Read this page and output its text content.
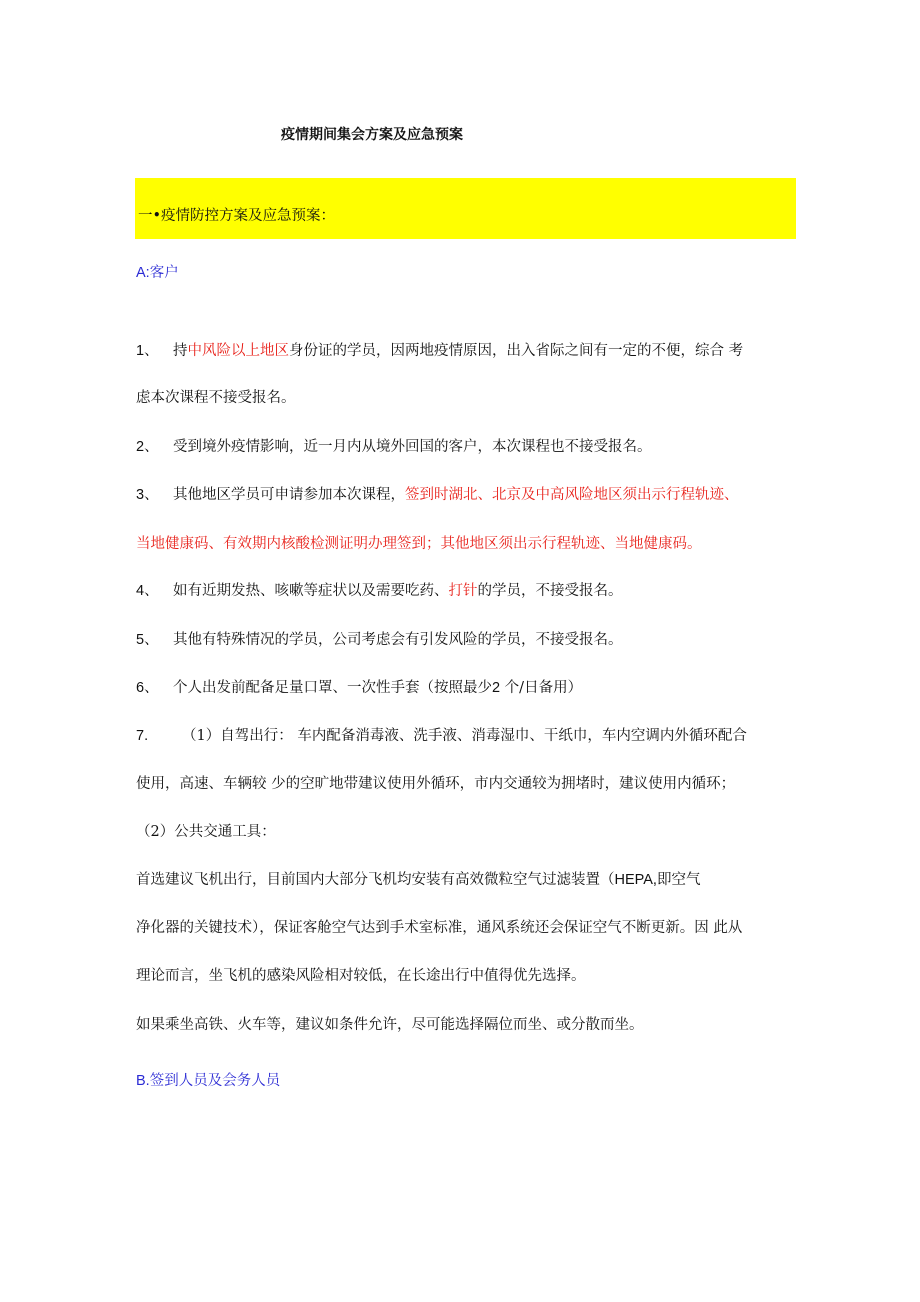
疫情期间集会方案及应急预案
一•疫情防控方案及应急预案：
A:客户
1、 持中风险以上地区身份证的学员，因两地疫情原因，出入省际之间有一定的不便，综合 考
虑本次课程不接受报名。
2、 受到境外疫情影响，近一月内从境外回国的客户，本次课程也不接受报名。
3、 其他地区学员可申请参加本次课程，签到时湖北、北京及中高风险地区须出示行程轨迹、
当地健康码、有效期内核酸检测证明办理签到；其他地区须出示行程轨迹、当地健康码。
4、 如有近期发热、咳嗽等症状以及需要吃药、打针的学员，不接受报名。
5、 其他有特殊情况的学员，公司考虑会有引发风险的学员，不接受报名。
6、 个人出发前配备足量口罩、一次性手套（按照最少2 个/日备用）
7. （1）自驾出行： 车内配备消毒液、洗手液、消毒湿巾、干纸巾，车内空调内外循环配合
使用，高速、车辆较 少的空旷地带建议使用外循环，市内交通较为拥堵时，建议使用内循环；
（2）公共交通工具：
首选建议飞机出行，目前国内大部分飞机均安装有高效微粒空气过滤装置（HEPA,即空气
净化器的关键技术），保证客舱空气达到手术室标准，通风系统还会保证空气不断更新。因 此从
理论而言，坐飞机的感染风险相对较低，在长途出行中值得优先选择。
如果乘坐高铁、火车等，建议如条件允许，尽可能选择隔位而坐、或分散而坐。
B.签到人员及会务人员
